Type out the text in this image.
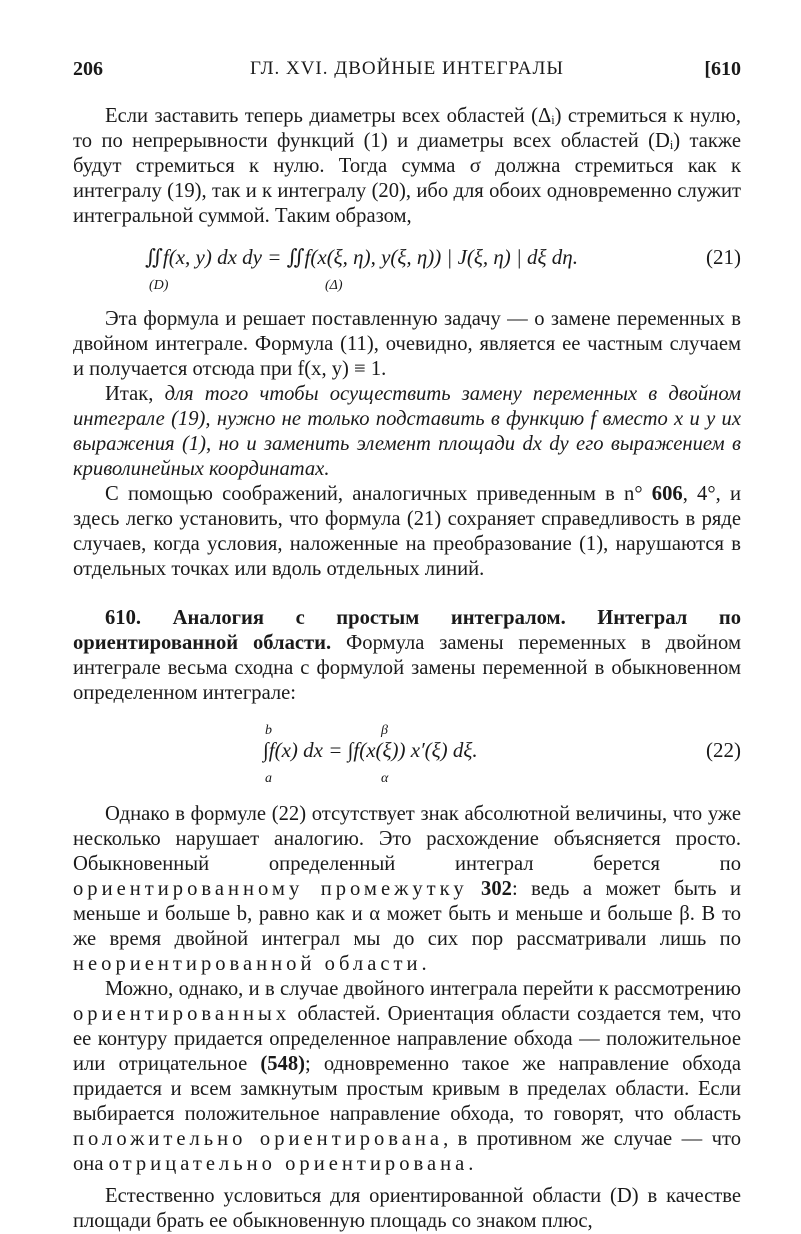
206	ГЛ. XVI. ДВОЙНЫЕ ИНТЕГРАЛЫ	[610

Если заставить теперь диаметры всех областей (Δᵢ) стремиться к нулю, то по непрерывности функций (1) и диаметры всех областей (Dᵢ) также будут стремиться к нулю. Тогда сумма σ должна стремиться как к интегралу (19), так и к интегралу (20), ибо для обоих одновременно служит интегральной суммой. Таким образом,

∬f(x, y) dx dy = ∬f(x(ξ, η), y(ξ, η)) | J(ξ, η) | dξ dη.
(D)	(Δ)
(21)

Эта формула и решает поставленную задачу — о замене переменных в двойном интеграле. Формула (11), очевидно, является ее частным случаем и получается отсюда при f(x, y) ≡ 1.

Итак, для того чтобы осуществить замену переменных в двойном интеграле (19), нужно не только подставить в функцию f вместо x и y их выражения (1), но и заменить элемент площади dx dy его выражением в криволинейных координатах.

С помощью соображений, аналогичных приведенным в n° 606, 4°, и здесь легко установить, что формула (21) сохраняет справедливость в ряде случаев, когда условия, наложенные на преобразование (1), нарушаются в отдельных точках или вдоль отдельных линий.

610. Аналогия с простым интегралом. Интеграл по ориентированной области. Формула замены переменных в двойном интеграле весьма сходна с формулой замены переменной в обыкновенном определенном интеграле:

b
a
β
α
∫f(x) dx = ∫f(x(ξ)) x′(ξ) dξ.	(22)

Однако в формуле (22) отсутствует знак абсолютной величины, что уже несколько нарушает аналогию. Это расхождение объясняется просто. Обыкновенный определенный интеграл берется по ориентированному промежутку 302: ведь a может быть и меньше и больше b, равно как и α может быть и меньше и больше β. В то же время двойной интеграл мы до сих пор рассматривали лишь по неориентированной области.

Можно, однако, и в случае двойного интеграла перейти к рассмотрению ориентированных областей. Ориентация области создается тем, что ее контуру придается определенное направление обхода — положительное или отрицательное (548); одновременно такое же направление обхода придается и всем замкнутым простым кривым в пределах области. Если выбирается положительное направление обхода, то говорят, что область положительно ориентирована, в противном же случае — что она отрицательно ориентирована.

Естественно условиться для ориентированной области (D) в качестве площади брать ее обыкновенную площадь со знаком плюс,
